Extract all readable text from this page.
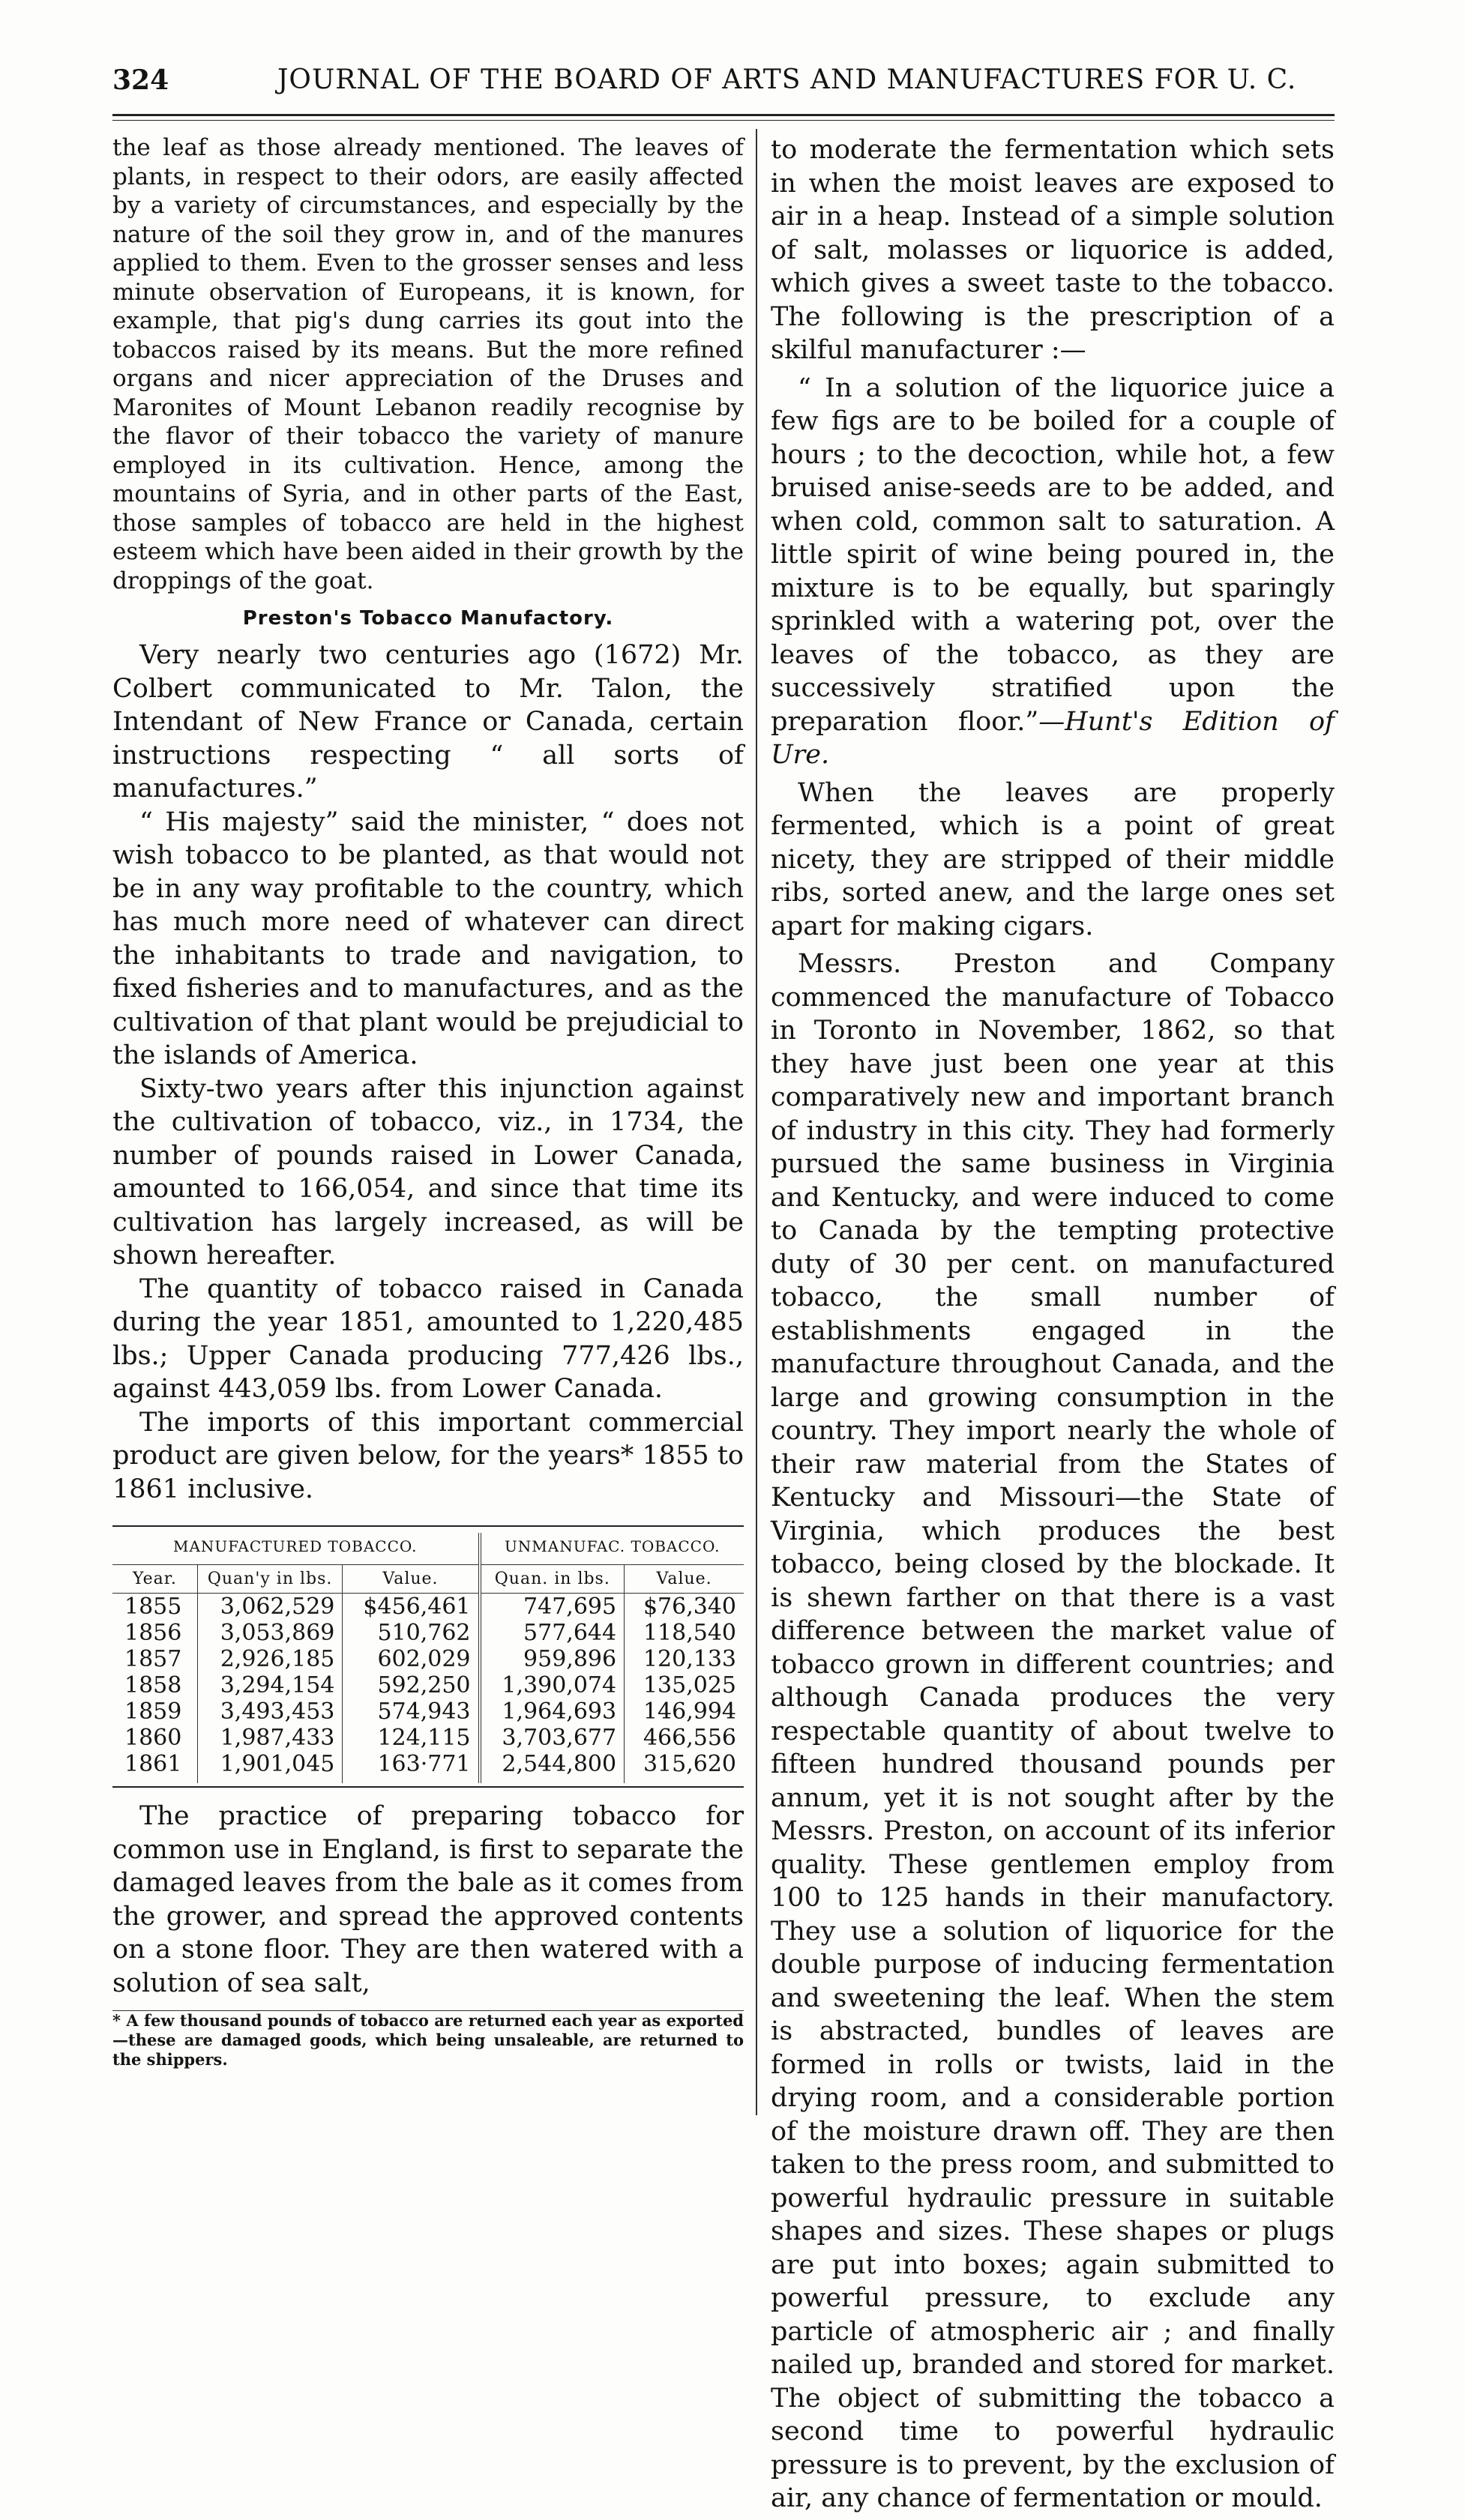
324	JOURNAL OF THE BOARD OF ARTS AND MANUFACTURES FOR U. C.

the leaf as those already mentioned. The leaves of plants, in respect to their odors, are easily affected by a variety of circumstances, and especially by the nature of the soil they grow in, and of the manures applied to them. Even to the grosser senses and less minute observation of Europeans, it is known, for example, that pig's dung carries its gout into the tobaccos raised by its means. But the more refined organs and nicer appreciation of the Druses and Maronites of Mount Lebanon readily recognise by the flavor of their tobacco the variety of manure employed in its cultivation. Hence, among the mountains of Syria, and in other parts of the East, those samples of tobacco are held in the highest esteem which have been aided in their growth by the droppings of the goat.

Preston's Tobacco Manufactory.

Very nearly two centuries ago (1672) Mr. Colbert communicated to Mr. Talon, the Intendant of New France or Canada, certain instructions respecting “ all sorts of manufactures.”

“ His majesty” said the minister, “ does not wish tobacco to be planted, as that would not be in any way profitable to the country, which has much more need of whatever can direct the inhabitants to trade and navigation, to fixed fisheries and to manufactures, and as the cultivation of that plant would be prejudicial to the islands of America.

Sixty-two years after this injunction against the cultivation of tobacco, viz., in 1734, the number of pounds raised in Lower Canada, amounted to 166,054, and since that time its cultivation has largely increased, as will be shown hereafter.

The quantity of tobacco raised in Canada during the year 1851, amounted to 1,220,485 lbs.; Upper Canada producing 777,426 lbs., against 443,059 lbs. from Lower Canada.

The imports of this important commercial product are given below, for the years* 1855 to 1861 inclusive.

MANUFACTURED TOBACCO.			UNMANUFAC. TOBACCO.	
Year.	Quan'y in lbs.	Value.	Quan. in lbs.	Value.
1855	3,062,529	$456,461	747,695	$76,340
1856	3,053,869	510,762	577,644	118,540
1857	2,926,185	602,029	959,896	120,133
1858	3,294,154	592,250	1,390,074	135,025
1859	3,493,453	574,943	1,964,693	146,994
1860	1,987,433	124,115	3,703,677	466,556
1861	1,901,045	163·771	2,544,800	315,620

The practice of preparing tobacco for common use in England, is first to separate the damaged leaves from the bale as it comes from the grower, and spread the approved contents on a stone floor. They are then watered with a solution of sea salt,

* A few thousand pounds of tobacco are returned each year as exported—these are damaged goods, which being unsaleable, are returned to the shippers.

to moderate the fermentation which sets in when the moist leaves are exposed to air in a heap. Instead of a simple solution of salt, molasses or liquorice is added, which gives a sweet taste to the tobacco. The following is the prescription of a skilful manufacturer :—

“ In a solution of the liquorice juice a few figs are to be boiled for a couple of hours ; to the decoction, while hot, a few bruised anise-seeds are to be added, and when cold, common salt to saturation. A little spirit of wine being poured in, the mixture is to be equally, but sparingly sprinkled with a watering pot, over the leaves of the tobacco, as they are successively stratified upon the preparation floor.”—Hunt's Edition of Ure.

When the leaves are properly fermented, which is a point of great nicety, they are stripped of their middle ribs, sorted anew, and the large ones set apart for making cigars.

Messrs. Preston and Company commenced the manufacture of Tobacco in Toronto in November, 1862, so that they have just been one year at this comparatively new and important branch of industry in this city. They had formerly pursued the same business in Virginia and Kentucky, and were induced to come to Canada by the tempting protective duty of 30 per cent. on manufactured tobacco, the small number of establishments engaged in the manufacture throughout Canada, and the large and growing consumption in the country. They import nearly the whole of their raw material from the States of Kentucky and Missouri—the State of Virginia, which produces the best tobacco, being closed by the blockade. It is shewn farther on that there is a vast difference between the market value of tobacco grown in different countries; and although Canada produces the very respectable quantity of about twelve to fifteen hundred thousand pounds per annum, yet it is not sought after by the Messrs. Preston, on account of its inferior quality. These gentlemen employ from 100 to 125 hands in their manufactory. They use a solution of liquorice for the double purpose of inducing fermentation and sweetening the leaf. When the stem is abstracted, bundles of leaves are formed in rolls or twists, laid in the drying room, and a considerable portion of the moisture drawn off. They are then taken to the press room, and submitted to powerful hydraulic pressure in suitable shapes and sizes. These shapes or plugs are put into boxes; again submitted to powerful pressure, to exclude any particle of atmospheric air ; and finally nailed up, branded and stored for market. The object of submitting the tobacco a second time to powerful hydraulic pressure is to prevent, by the exclusion of air, any chance of fermentation or mould.
